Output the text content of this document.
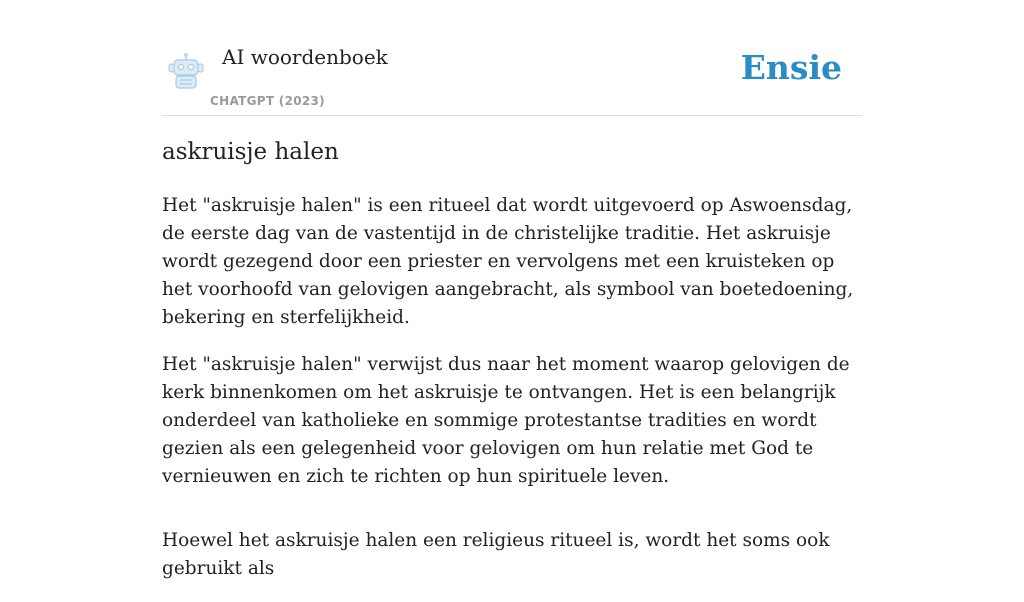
AI woordenboek
CHATGPT (2023)
Ensie
askruisje halen

Het "askruisje halen" is een ritueel dat wordt uitgevoerd op Aswoensdag, de eerste dag van de vastentijd in de christelijke traditie. Het askruisje wordt gezegend door een priester en vervolgens met een kruisteken op het voorhoofd van gelovigen aangebracht, als symbool van boetedoening, bekering en sterfelijkheid.

Het "askruisje halen" verwijst dus naar het moment waarop gelovigen de kerk binnenkomen om het askruisje te ontvangen. Het is een belangrijk onderdeel van katholieke en sommige protestantse tradities en wordt gezien als een gelegenheid voor gelovigen om hun relatie met God te vernieuwen en zich te richten op hun spirituele leven.

Hoewel het askruisje halen een religieus ritueel is, wordt het soms ook gebruikt als
